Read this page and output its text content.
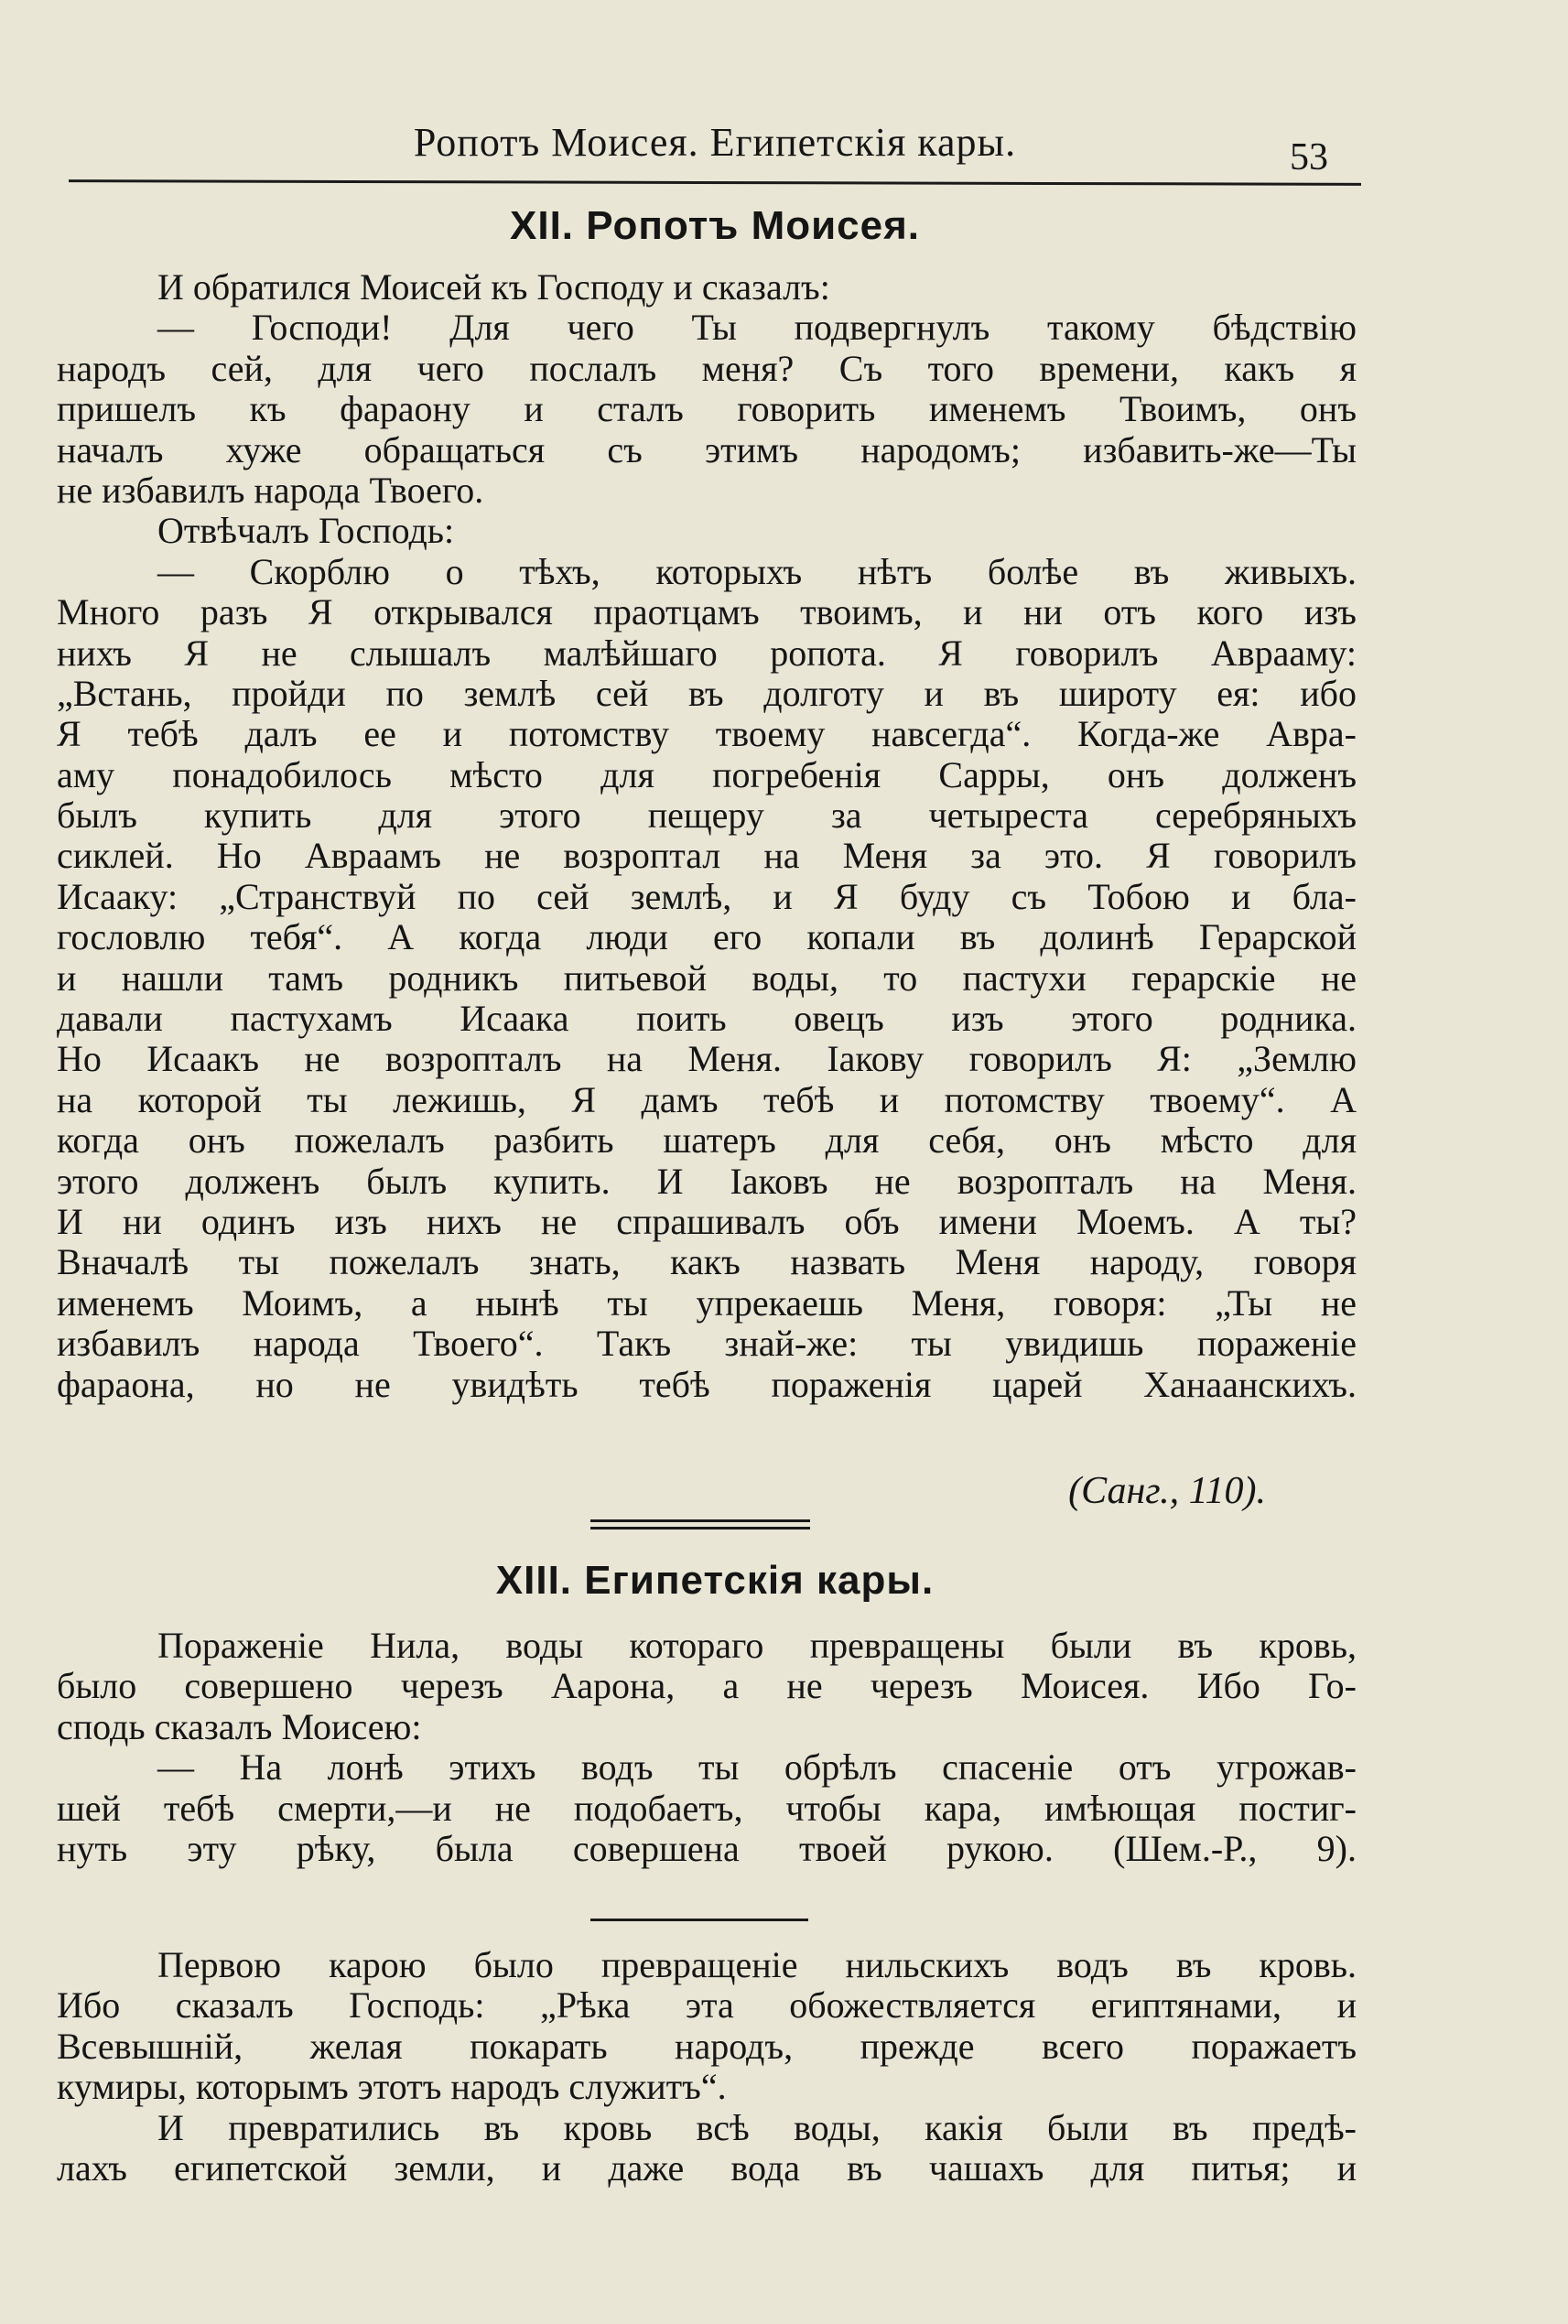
Ропотъ Моисея. Египетскія кары.	53
XII. Ропотъ Моисея.
И обратился Моисей къ Господу и сказалъ:
— Господи! Для чего Ты подвергнулъ такому бѣдствію
народъ сей, для чего послалъ меня? Съ того времени, какъ я
пришелъ къ фараону и сталъ говорить именемъ Твоимъ, онъ
началъ хуже обращаться съ этимъ народомъ; избавить-же—Ты
не избавилъ народа Твоего.
Отвѣчалъ Господь:
— Скорблю о тѣхъ, которыхъ нѣтъ болѣе въ живыхъ.
Много разъ Я открывался праотцамъ твоимъ, и ни отъ кого изъ
нихъ Я не слышалъ малѣйшаго ропота. Я говорилъ Аврааму:
„Встань, пройди по землѣ сей въ долготу и въ широту ея: ибо
Я тебѣ далъ ее и потомству твоему навсегда“. Когда-же Авра-
аму понадобилось мѣсто для погребенія Сарры, онъ долженъ
былъ купить для этого пещеру за четыреста серебряныхъ
сиклей. Но Авраамъ не возроптал на Меня за это. Я говорилъ
Исааку: „Странствуй по сей землѣ, и Я буду съ Тобою и бла-
гословлю тебя“. А когда люди его копали въ долинѣ Герарской
и нашли тамъ родникъ питьевой воды, то пастухи герарскіе не
давали пастухамъ Исаака поить овецъ изъ этого родника.
Но Исаакъ не возропталъ на Меня. Іакову говорилъ Я: „Землю
на которой ты лежишь, Я дамъ тебѣ и потомству твоему“. А
когда онъ пожелалъ разбить шатеръ для себя, онъ мѣсто для
этого долженъ былъ купить. И Іаковъ не возропталъ на Меня.
И ни одинъ изъ нихъ не спрашивалъ объ имени Моемъ. А ты?
Вначалѣ ты пожелалъ знать, какъ назвать Меня народу, говоря
именемъ Моимъ, а нынѣ ты упрекаешь Меня, говоря: „Ты не
избавилъ народа Твоего“. Такъ знай-же: ты увидишь пораженіе
фараона, но не увидѣть тебѣ пораженія царей Ханаанскихъ.
(Санг., 110).
XIII. Египетскія кары.
Пораженіе Нила, воды котораго превращены были въ кровь,
было совершено черезъ Аарона, а не черезъ Моисея. Ибо Го-
сподь сказалъ Моисею:
— На лонѣ этихъ водъ ты обрѣлъ спасеніе отъ угрожав-
шей тебѣ смерти,—и не подобаетъ, чтобы кара, имѣющая постиг-
нуть эту рѣку, была совершена твоей рукою. (Шем.-Р., 9).
Первою карою было превращеніе нильскихъ водъ въ кровь.
Ибо сказалъ Господь: „Рѣка эта обожествляется египтянами, и
Всевышній, желая покарать народъ, прежде всего поражаетъ
кумиры, которымъ этотъ народъ служитъ“.
И превратились въ кровь всѣ воды, какія были въ предѣ-
лахъ египетской земли, и даже вода въ чашахъ для питья; и
